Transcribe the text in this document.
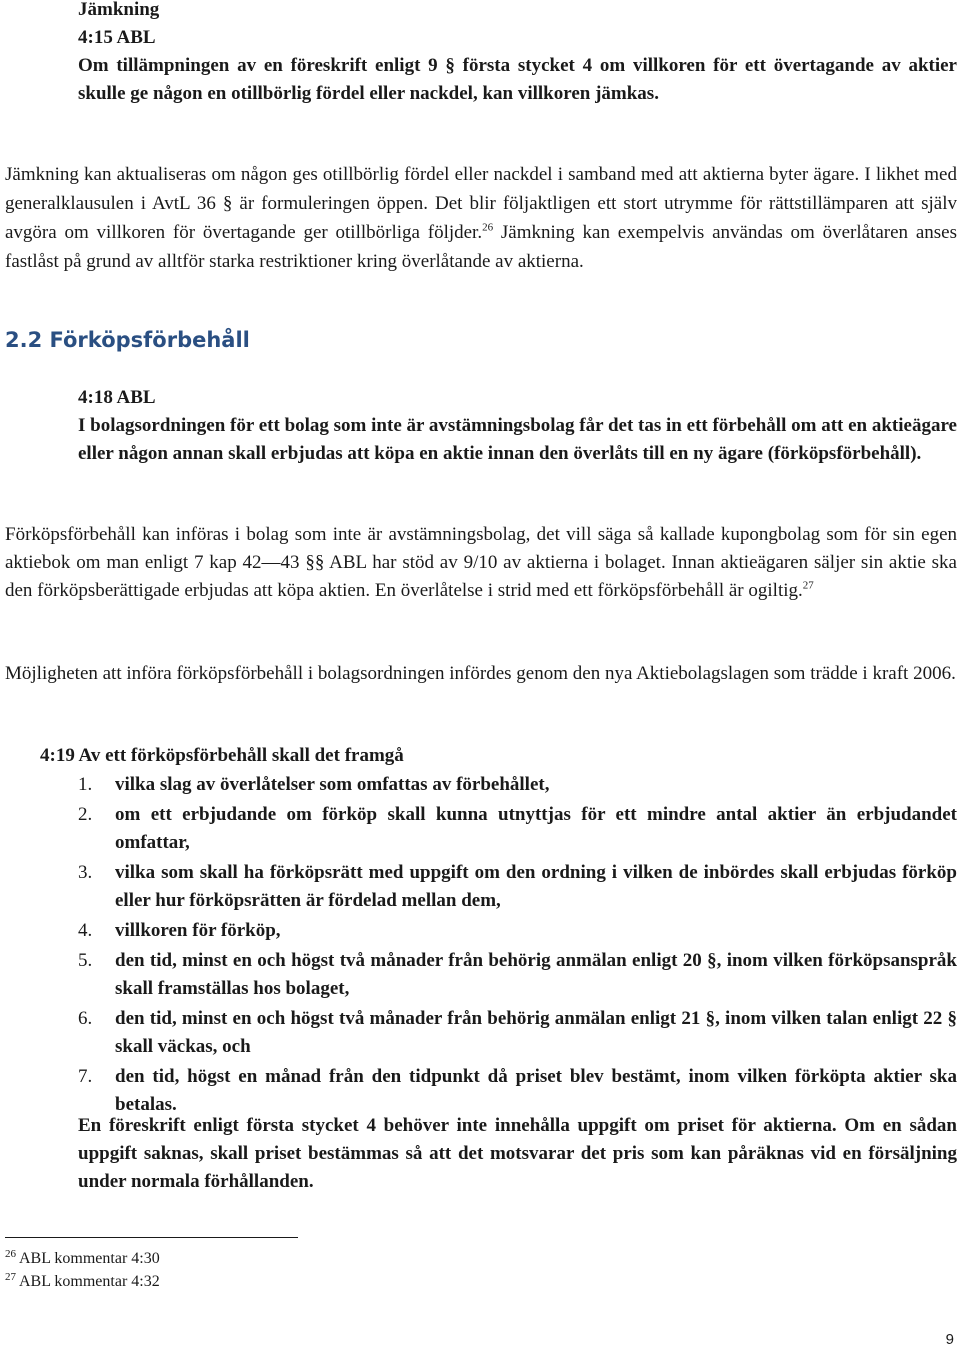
Jämkning
4:15 ABL
Om tillämpningen av en föreskrift enligt 9 § första stycket 4 om villkoren för ett övertagande av aktier skulle ge någon en otillbörlig fördel eller nackdel, kan villkoren jämkas.
Jämkning kan aktualiseras om någon ges otillbörlig fördel eller nackdel i samband med att aktierna byter ägare. I likhet med generalklausulen i AvtL 36 § är formuleringen öppen. Det blir följaktligen ett stort utrymme för rättstillämparen att själv avgöra om villkoren för övertagande ger otillbörliga följder.$^{26}$ Jämkning kan exempelvis användas om överlåtaren anses fastlåst på grund av alltför starka restriktioner kring överlåtande av aktierna.
2.2 Förköpsförbehåll
4:18 ABL
I bolagsordningen för ett bolag som inte är avstämningsbolag får det tas in ett förbehåll om att en aktieägare eller någon annan skall erbjudas att köpa en aktie innan den överlåts till en ny ägare (förköpsförbehåll).
Förköpsförbehåll kan införas i bolag som inte är avstämningsbolag, det vill säga så kallade kupongbolag som för sin egen aktiebok om man enligt 7 kap 42—43 §§ ABL har stöd av 9/10 av aktierna i bolaget. Innan aktieägaren säljer sin aktie ska den förköpsberättigade erbjudas att köpa aktien. En överlåtelse i strid med ett förköpsförbehåll är ogiltig.$^{27}$
Möjligheten att införa förköpsförbehåll i bolagsordningen infördes genom den nya Aktiebolagslagen som trädde i kraft 2006.
4:19 Av ett förköpsförbehåll skall det framgå
1.	vilka slag av överlåtelser som omfattas av förbehållet,
2.	om ett erbjudande om förköp skall kunna utnyttjas för ett mindre antal aktier än erbjudandet omfattar,
3.	vilka som skall ha förköpsrätt med uppgift om den ordning i vilken de inbördes skall erbjudas förköp eller hur förköpsrätten är fördelad mellan dem,
4.	villkoren för förköp,
5.	den tid, minst en och högst två månader från behörig anmälan enligt 20 §, inom vilken förköpsanspråk skall framställas hos bolaget,
6.	den tid, minst en och högst två månader från behörig anmälan enligt 21 §, inom vilken talan enligt 22 § skall väckas, och
7.	den tid, högst en månad från den tidpunkt då priset blev bestämt, inom vilken förköpta aktier ska betalas.
En föreskrift enligt första stycket 4 behöver inte innehålla uppgift om priset för aktierna. Om en sådan uppgift saknas, skall priset bestämmas så att det motsvarar det pris som kan påräknas vid en försäljning under normala förhållanden.
$^{26}$ ABL kommentar 4:30
$^{27}$ ABL kommentar 4:32
9
